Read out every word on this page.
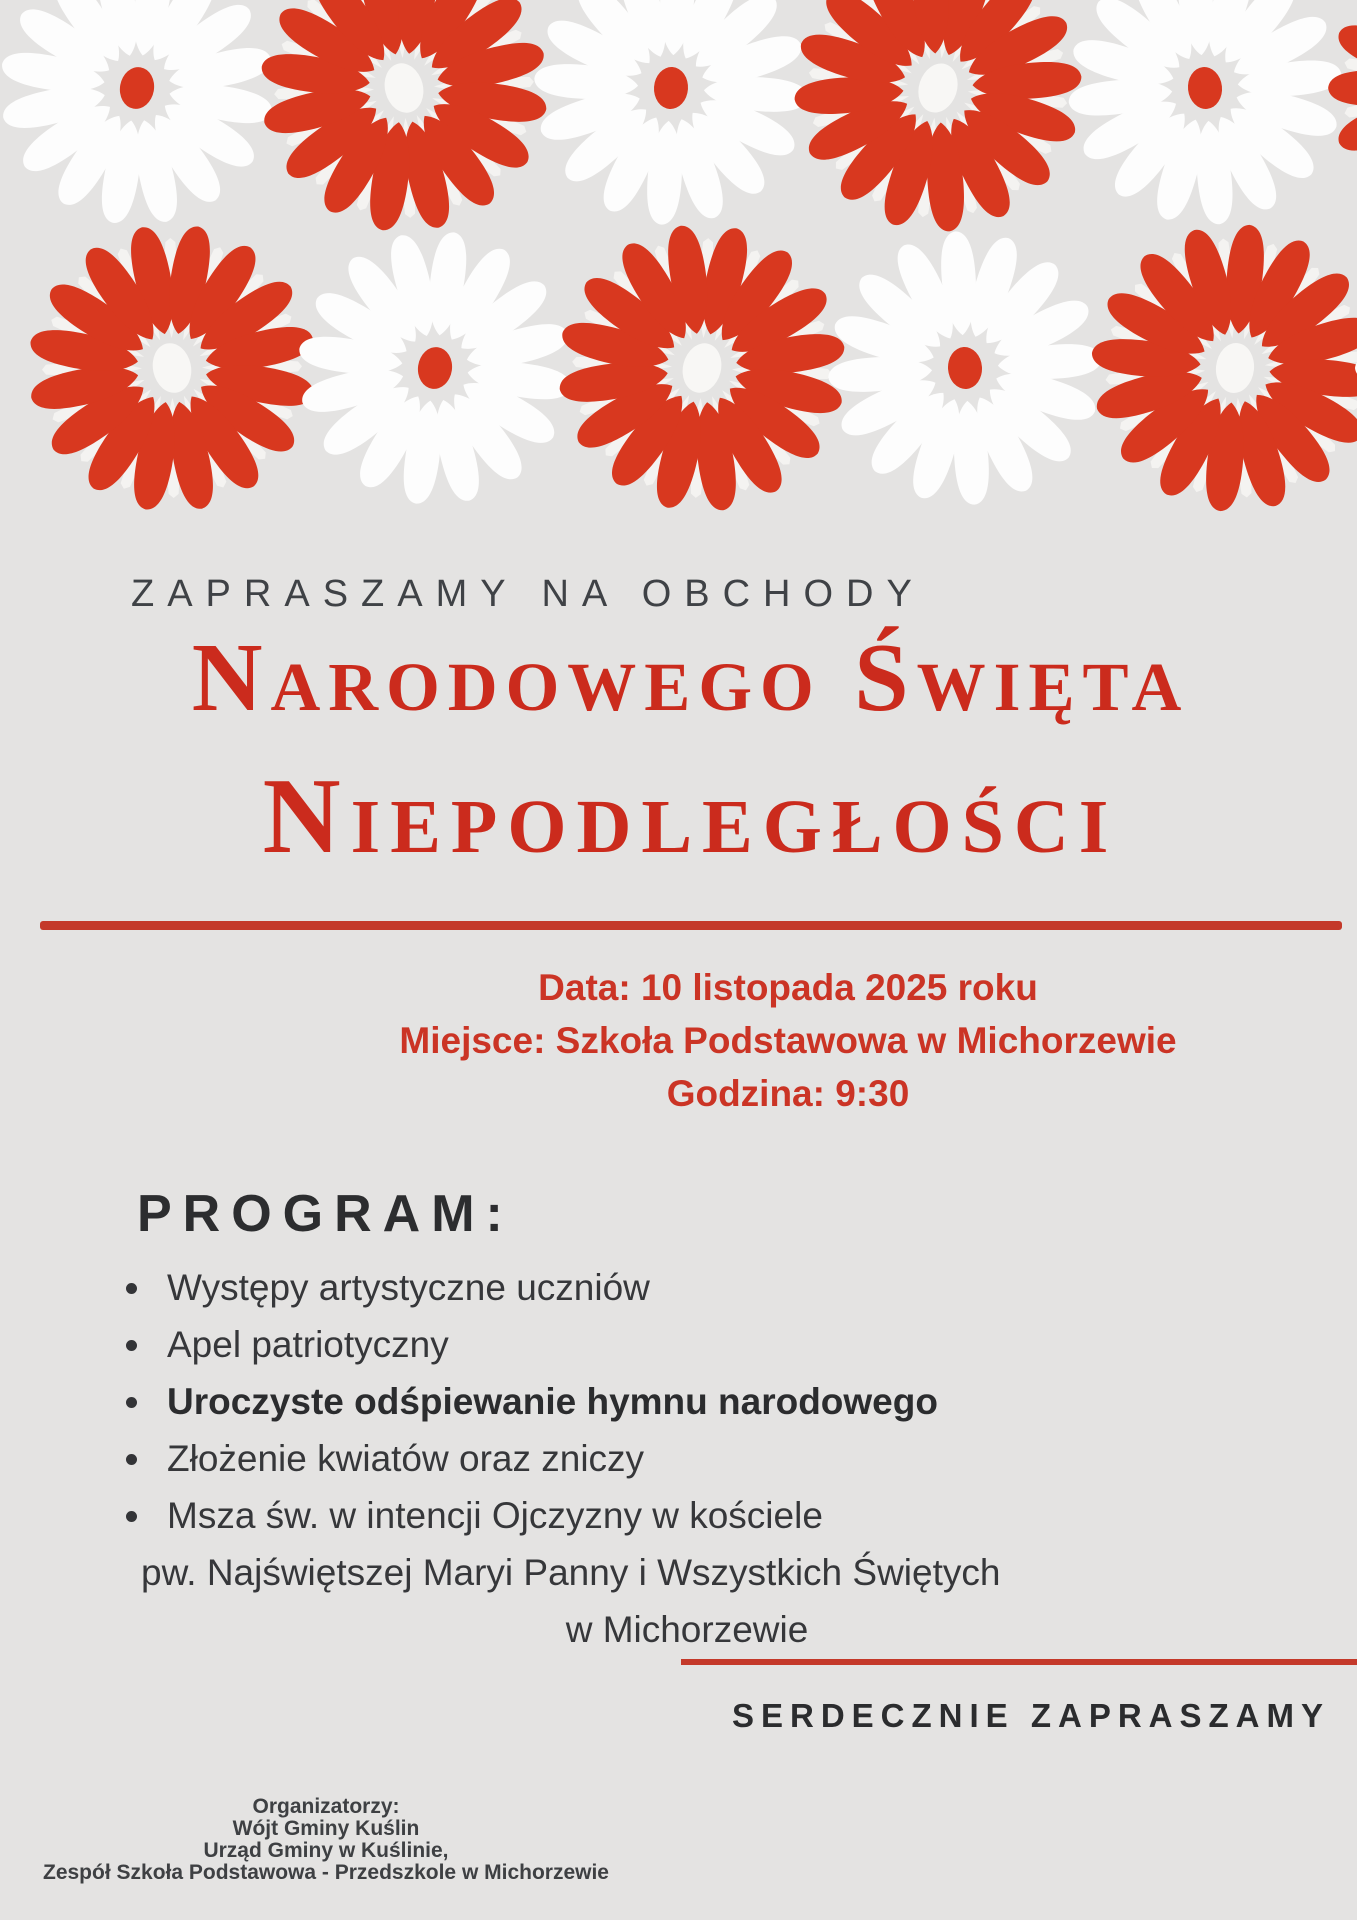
ZAPRASZAMY NA OBCHODY
Narodowego Święta
Niepodległości
Data: 10 listopada 2025 roku
Miejsce: Szkoła Podstawowa w Michorzewie
Godzina: 9:30
PROGRAM:
Występy artystyczne uczniów
Apel patriotyczny
Uroczyste odśpiewanie hymnu narodowego
Złożenie kwiatów oraz zniczy
Msza św. w intencji Ojczyzny w kościele
pw. Najświętszej Maryi Panny i Wszystkich Świętych
w Michorzewie
SERDECZNIE ZAPRASZAMY
Organizatorzy:
Wójt Gminy Kuślin
Urząd Gminy w Kuślinie,
Zespół Szkoła Podstawowa - Przedszkole w Michorzewie
